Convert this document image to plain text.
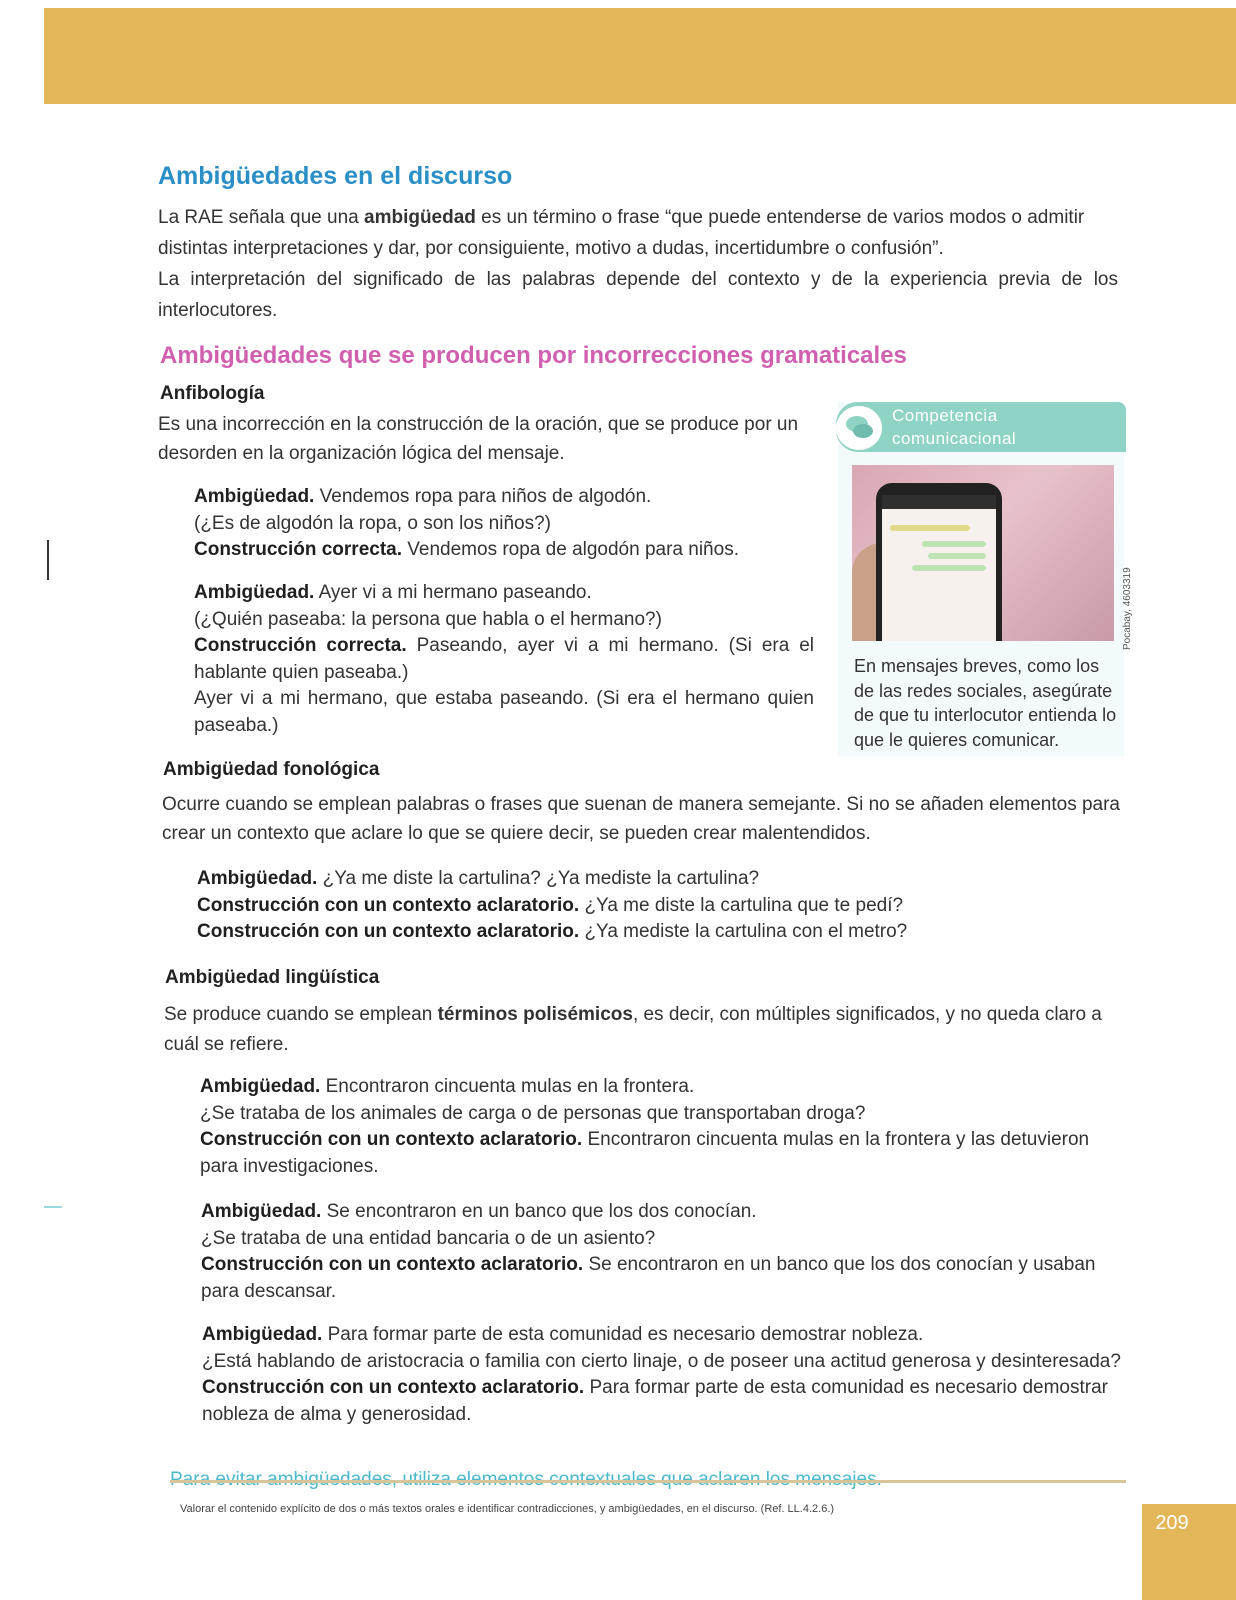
Ambigüedades en el discurso

La RAE señala que una ambigüedad es un término o frase “que puede entenderse de varios modos o admitir distintas interpretaciones y dar, por consiguiente, motivo a dudas, incertidumbre o confusión”.

La interpretación del significado de las palabras depende del contexto y de la experiencia previa de los interlocutores.

Ambigüedades que se producen por incorrecciones gramaticales

Anfibología

Es una incorrección en la construcción de la oración, que se produce por un desorden en la organización lógica del mensaje.

Ambigüedad. Vendemos ropa para niños de algodón.
(¿Es de algodón la ropa, o son los niños?)
Construcción correcta. Vendemos ropa de algodón para niños.
Ambigüedad. Ayer vi a mi hermano paseando.
(¿Quién paseaba: la persona que habla o el hermano?)
Construcción correcta. Paseando, ayer vi a mi hermano. (Si era el hablante quien paseaba.)
Ayer vi a mi hermano, que estaba paseando. (Si era el hermano quien paseaba.)
Competencia
comunicacional
Pocabay, 4603319
En mensajes breves, como los de las redes sociales, asegúrate de que tu interlocutor entienda lo que le quieres comunicar.

Ambigüedad fonológica

Ocurre cuando se emplean palabras o frases que suenan de manera semejante. Si no se añaden elementos para crear un contexto que aclare lo que se quiere decir, se pueden crear malentendidos.

Ambigüedad. ¿Ya me diste la cartulina? ¿Ya mediste la cartulina?
Construcción con un contexto aclaratorio. ¿Ya me diste la cartulina que te pedí?
Construcción con un contexto aclaratorio. ¿Ya mediste la cartulina con el metro?

Ambigüedad lingüística

Se produce cuando se emplean términos polisémicos, es decir, con múltiples significados, y no queda claro a cuál se refiere.

Ambigüedad. Encontraron cincuenta mulas en la frontera.
¿Se trataba de los animales de carga o de personas que transportaban droga?
Construcción con un contexto aclaratorio. Encontraron cincuenta mulas en la frontera y las detuvieron para investigaciones.
Ambigüedad. Se encontraron en un banco que los dos conocían.
¿Se trataba de una entidad bancaria o de un asiento?
Construcción con un contexto aclaratorio. Se encontraron en un banco que los dos conocían y usaban para descansar.
Ambigüedad. Para formar parte de esta comunidad es necesario demostrar nobleza.
¿Está hablando de aristocracia o familia con cierto linaje, o de poseer una actitud generosa y desinteresada?
Construcción con un contexto aclaratorio. Para formar parte de esta comunidad es necesario demostrar nobleza de alma y generosidad.

Valorar el contenido explícito de dos o más textos orales e identificar contradicciones, y ambigüedades, en el discurso. (Ref. LL.4.2.6.)

209
